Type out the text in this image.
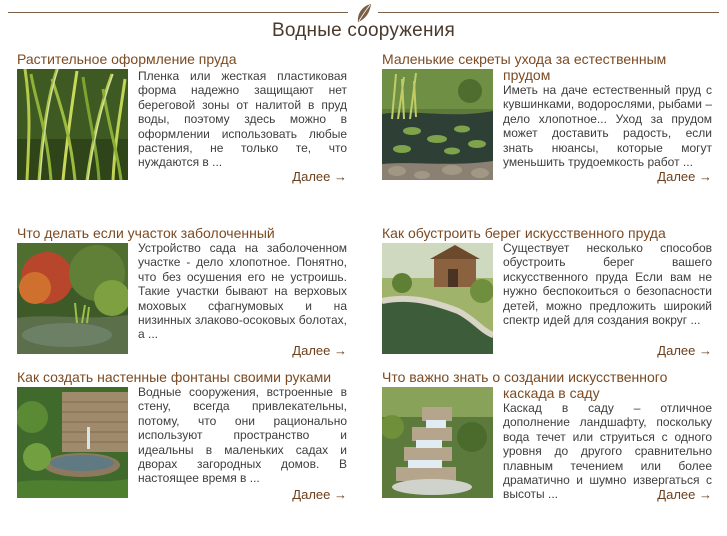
Водные сооружения
Растительное оформление пруда
Пленка или жесткая пластиковая форма надежно защищают нет береговой зоны от налитой в пруд воды, поэтому здесь можно в оформлении использовать любые растения, не только те, что нуждаются в ...
Далее →
Маленькие секреты ухода за естественным
прудом
Иметь на даче естественный пруд с кувшинками, водорослями, рыбами – дело хлопотное... Уход за прудом может доставить радость, если знать нюансы, которые могут уменьшить трудоемкость работ ...
Далее →
Что делать если участок заболоченный
Устройство сада на заболоченном участке - дело хлопотное. Понятно, что без осушения его не устроишь. Такие участки бывают на верховых моховых сфагнумовых и на низинных злаково-осоковых болотах, а ...
Далее →
Как обустроить берег искусственного пруда
Существует несколько способов обустроить берег вашего искусственного пруда Если вам не нужно беспокоиться о безопасности детей, можно предложить широкий спектр идей для создания вокруг ...
Далее →
Как создать настенные фонтаны своими руками
Водные сооружения, встроенные в стену, всегда привлекательны, потому, что они рационально используют пространство и идеальны в маленьких садах и дворах загородных домов. В настоящее время в ...
Далее →
Что важно знать о создании искусственного
каскада в саду
Каскад в саду – отличное дополнение ландшафту, поскольку вода течет или струиться с одного уровня до другого сравнительно плавным течением или более драматично и шумно извергаться с высоты ...	Далее →
